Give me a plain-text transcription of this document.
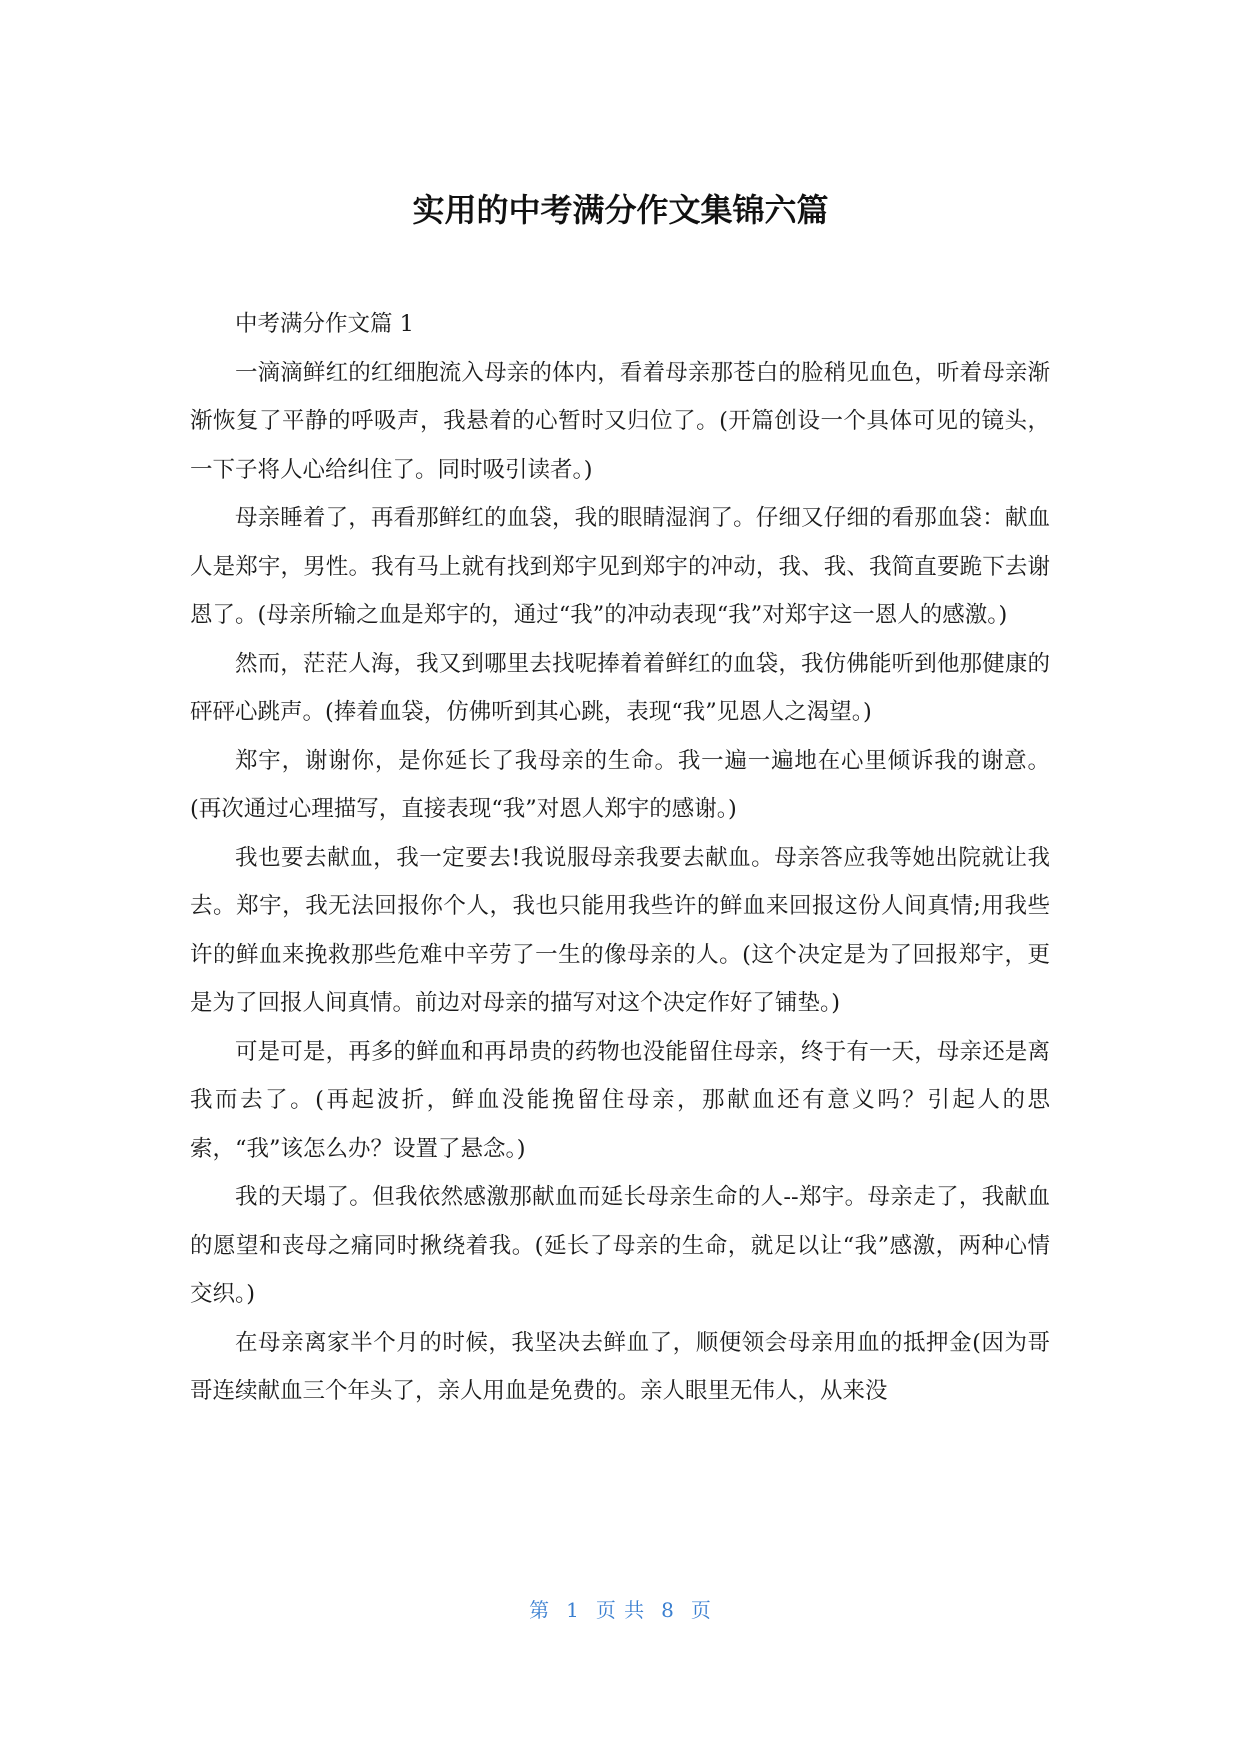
实用的中考满分作文集锦六篇

中考满分作文篇 1

一滴滴鲜红的红细胞流入母亲的体内，看着母亲那苍白的脸稍见血色，听着母亲渐渐恢复了平静的呼吸声，我悬着的心暂时又归位了。(开篇创设一个具体可见的镜头，一下子将人心给纠住了。同时吸引读者。)

母亲睡着了，再看那鲜红的血袋，我的眼睛湿润了。仔细又仔细的看那血袋：献血人是郑宇，男性。我有马上就有找到郑宇见到郑宇的冲动，我、我、我简直要跪下去谢恩了。(母亲所输之血是郑宇的，通过“我”的冲动表现“我”对郑宇这一恩人的感激。)

然而，茫茫人海，我又到哪里去找呢捧着着鲜红的血袋，我仿佛能听到他那健康的砰砰心跳声。(捧着血袋，仿佛听到其心跳，表现“我”见恩人之渴望。)

郑宇，谢谢你，是你延长了我母亲的生命。我一遍一遍地在心里倾诉我的谢意。(再次通过心理描写，直接表现“我”对恩人郑宇的感谢。)

我也要去献血，我一定要去!我说服母亲我要去献血。母亲答应我等她出院就让我去。郑宇，我无法回报你个人，我也只能用我些许的鲜血来回报这份人间真情;用我些许的鲜血来挽救那些危难中辛劳了一生的像母亲的人。(这个决定是为了回报郑宇，更是为了回报人间真情。前边对母亲的描写对这个决定作好了铺垫。)

可是可是，再多的鲜血和再昂贵的药物也没能留住母亲，终于有一天，母亲还是离我而去了。(再起波折，鲜血没能挽留住母亲，那献血还有意义吗？引起人的思索，“我”该怎么办？设置了悬念。)

我的天塌了。但我依然感激那献血而延长母亲生命的人--郑宇。母亲走了，我献血的愿望和丧母之痛同时揪绕着我。(延长了母亲的生命，就足以让“我”感激，两种心情交织。)

在母亲离家半个月的时候，我坚决去鲜血了，顺便领会母亲用血的抵押金(因为哥哥连续献血三个年头了，亲人用血是免费的。亲人眼里无伟人，从来没

第 1 页 共 8 页
